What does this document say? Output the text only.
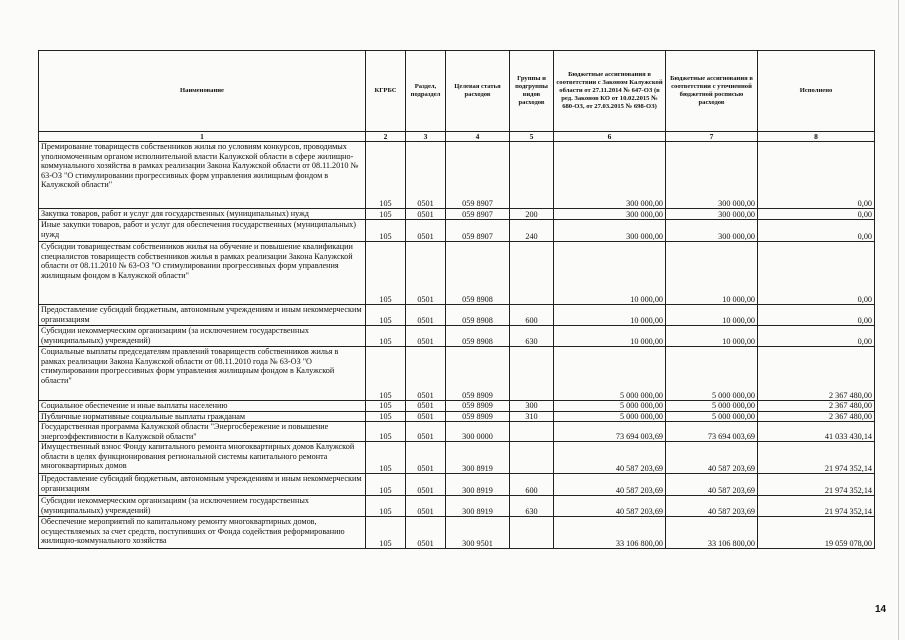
Наименование	КГРБС	Раздел, подраздел	Целевая статья расходов	Группы и подгруппы видов расходов	Бюджетные ассигнования в соответствии с Законом Калужской области от 27.11.2014 № 647-ОЗ (в ред. Законов КО от 10.02.2015 № 680-ОЗ, от 27.03.2015 № 698-ОЗ)	Бюджетные ассигнования в соответствии с уточненной бюджетной росписью расходов	Исполнено
1	2	3	4	5	6	7	8
Премирование товариществ собственников жилья по условиям конкурсов, проводимых уполномоченным органом исполнительной власти Калужской области в сфере жилищно-коммунального хозяйства в рамках реализации Закона Калужской области от 08.11.2010 № 63-ОЗ "О стимулировании прогрессивных форм управления жилищным фондом в Калужской области"	105	0501	059 8907		300 000,00	300 000,00	0,00
Закупка товаров, работ и услуг для государственных (муниципальных) нужд	105	0501	059 8907	200	300 000,00	300 000,00	0,00
Иные закупки товаров, работ и услуг для обеспечения государственных (муниципальных) нужд	105	0501	059 8907	240	300 000,00	300 000,00	0,00
Субсидии товариществам собственников жилья на обучение и повышение квалификации специалистов товариществ собственников жилья в рамках реализации Закона Калужской области от 08.11.2010 № 63-ОЗ "О стимулировании прогрессивных форм управления жилищным фондом в Калужской области"	105	0501	059 8908		10 000,00	10 000,00	0,00
Предоставление субсидий бюджетным, автономным учреждениям и иным некоммерческим организациям	105	0501	059 8908	600	10 000,00	10 000,00	0,00
Субсидии некоммерческим организациям (за исключением государственных (муниципальных) учреждений)	105	0501	059 8908	630	10 000,00	10 000,00	0,00
Социальные выплаты председателям правлений товариществ собственников жилья в рамках реализации Закона Калужской области от 08.11.2010 года № 63-ОЗ "О стимулировании прогрессивных форм управления жилищным фондом в Калужской области"	105	0501	059 8909		5 000 000,00	5 000 000,00	2 367 480,00
Социальное обеспечение и иные выплаты населению	105	0501	059 8909	300	5 000 000,00	5 000 000,00	2 367 480,00
Публичные нормативные социальные выплаты гражданам	105	0501	059 8909	310	5 000 000,00	5 000 000,00	2 367 480,00
Государственная программа Калужской области "Энергосбережение и повышение энергоэффективности в Калужской области"	105	0501	300 0000		73 694 003,69	73 694 003,69	41 033 430,14
Имущественный взнос Фонду капитального ремонта многоквартирных домов Калужской области в целях функционирования региональной системы капитального ремонта многоквартирных домов	105	0501	300 8919		40 587 203,69	40 587 203,69	21 974 352,14
Предоставление субсидий бюджетным, автономным учреждениям и иным некоммерческим организациям	105	0501	300 8919	600	40 587 203,69	40 587 203,69	21 974 352,14
Субсидии некоммерческим организациям (за исключением государственных (муниципальных) учреждений)	105	0501	300 8919	630	40 587 203,69	40 587 203,69	21 974 352,14
Обеспечение мероприятий по капитальному ремонту многоквартирных домов, осуществляемых за счет средств, поступивших от Фонда содействия реформированию жилищно-коммунального хозяйства	105	0501	300 9501		33 106 800,00	33 106 800,00	19 059 078,00
14
